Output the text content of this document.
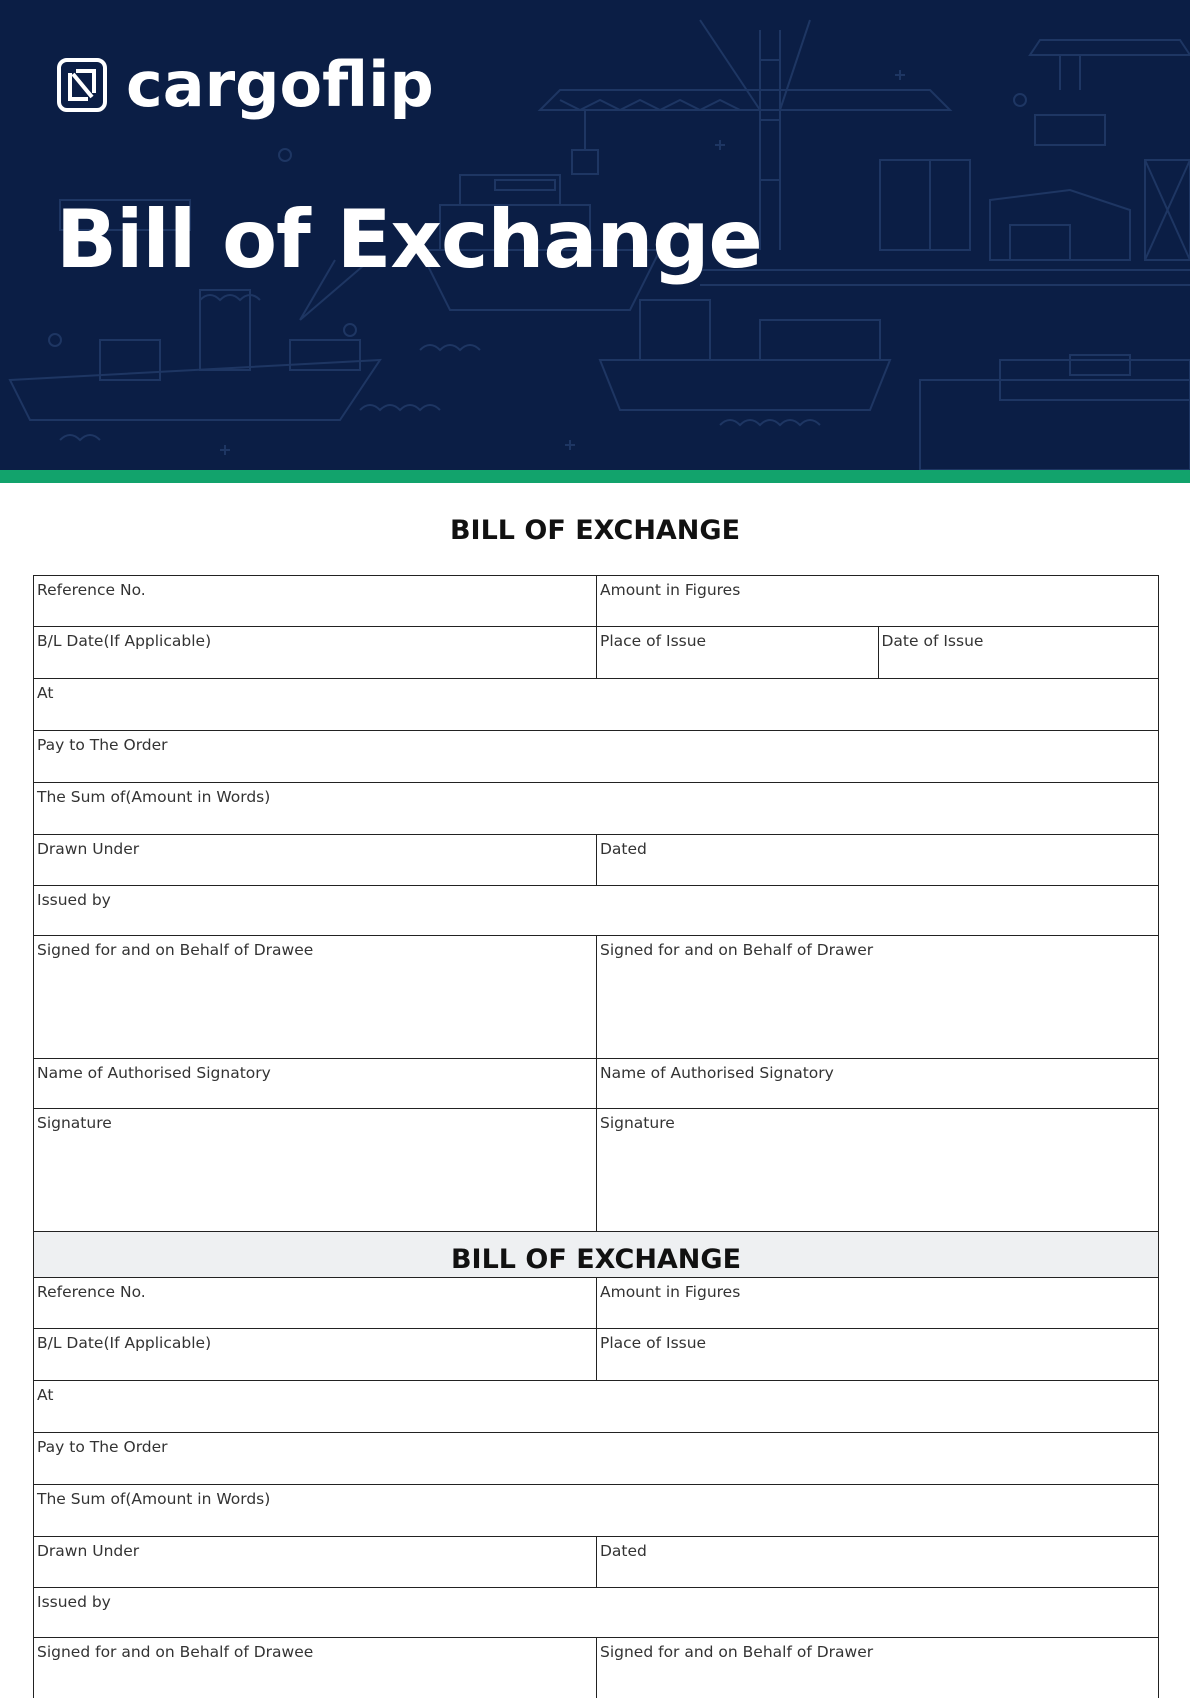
cargoflip
Bill of Exchange
BILL OF EXCHANGE
Reference No.	Amount in Figures
B/L Date(If Applicable)	Place of Issue	Date of Issue
At
Pay to The Order
The Sum of(Amount in Words)
Drawn Under	Dated
Issued by
Signed for and on Behalf of Drawee	Signed for and on Behalf of Drawer
Name of Authorised Signatory	Name of Authorised Signatory
Signature	Signature
BILL OF EXCHANGE
Reference No.	Amount in Figures
B/L Date(If Applicable)	Place of Issue
At
Pay to The Order
The Sum of(Amount in Words)
Drawn Under	Dated
Issued by
Signed for and on Behalf of Drawee	Signed for and on Behalf of Drawer
